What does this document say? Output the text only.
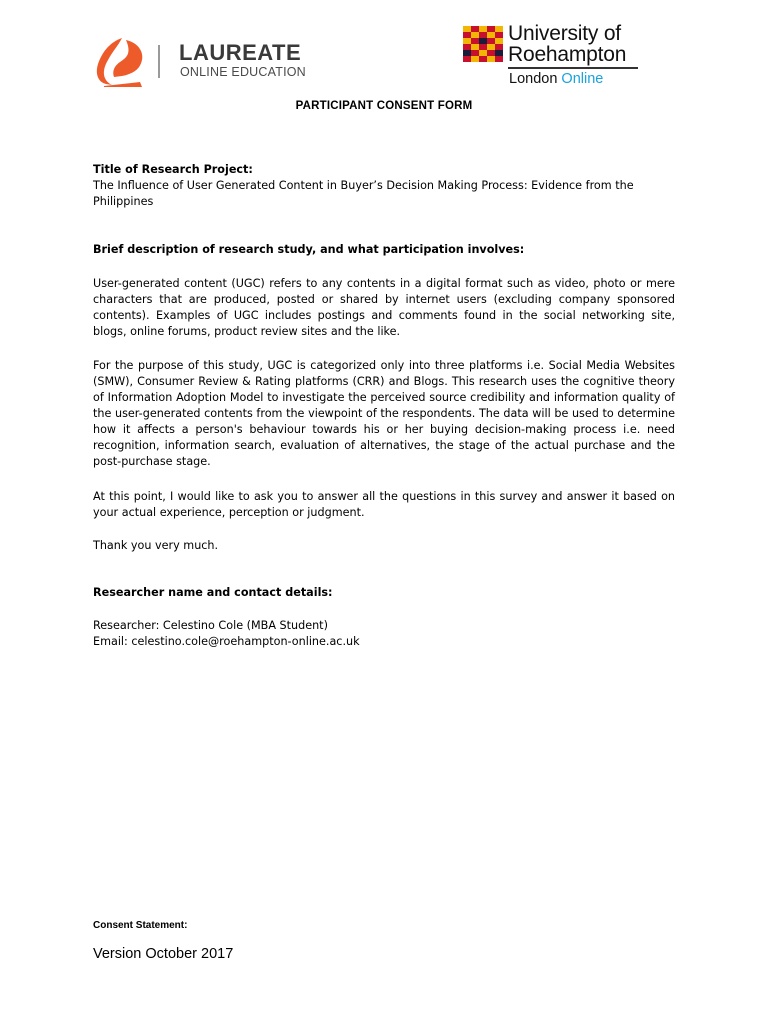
LAUREATE
ONLINE EDUCATION
University of
Roehampton
London Online
PARTICIPANT CONSENT FORM
Title of Research Project:
The Influence of User Generated Content in Buyer’s Decision Making Process: Evidence from the Philippines
Brief description of research study, and what participation involves:
User-generated content (UGC) refers to any contents in a digital format such as video, photo or mere characters that are produced, posted or shared by internet users (excluding company sponsored contents). Examples of UGC includes postings and comments found in the social networking site, blogs, online forums, product review sites and the like.
For the purpose of this study, UGC is categorized only into three platforms i.e. Social Media Websites (SMW), Consumer Review & Rating platforms (CRR) and Blogs. This research uses the cognitive theory of Information Adoption Model to investigate the perceived source credibility and information quality of the user-generated contents from the viewpoint of the respondents. The data will be used to determine how it affects a person's behaviour towards his or her buying decision-making process i.e. need recognition, information search, evaluation of alternatives, the stage of the actual purchase and the post-purchase stage.
At this point, I would like to ask you to answer all the questions in this survey and answer it based on your actual experience, perception or judgment.
Thank you very much.
Researcher name and contact details:
Researcher: Celestino Cole (MBA Student)
Email: celestino.cole@roehampton-online.ac.uk
Consent Statement:
Version October 2017
